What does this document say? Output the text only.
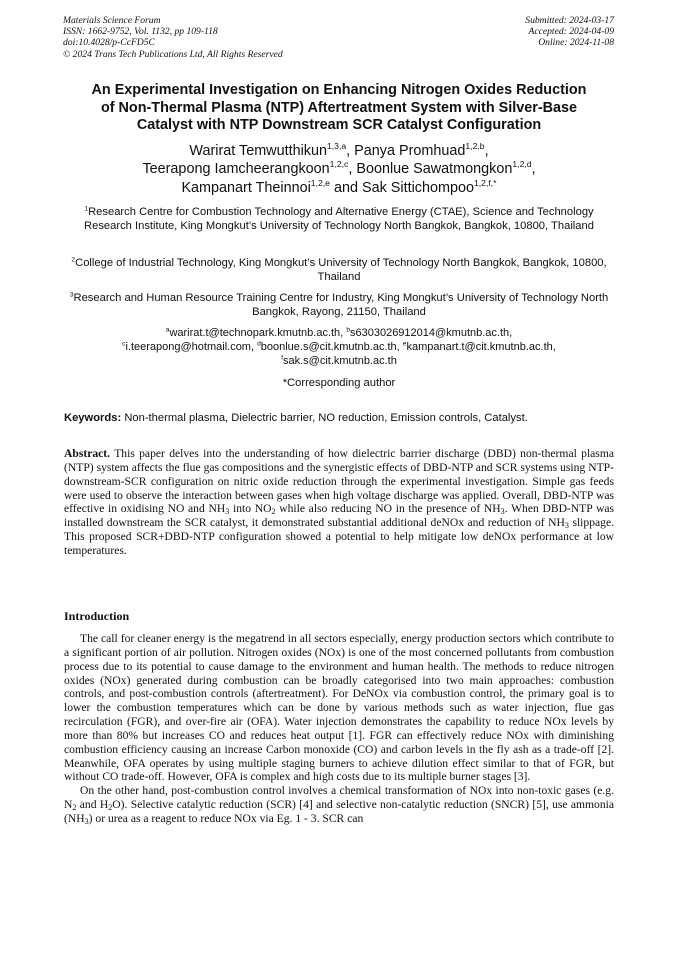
Materials Science Forum
ISSN: 1662-9752, Vol. 1132, pp 109-118
doi:10.4028/p-CcFD5C
© 2024 Trans Tech Publications Ltd, All Rights Reserved
Submitted: 2024-03-17
Accepted: 2024-04-09
Online: 2024-11-08
An Experimental Investigation on Enhancing Nitrogen Oxides Reduction
of Non-Thermal Plasma (NTP) Aftertreatment System with Silver-Base
Catalyst with NTP Downstream SCR Catalyst Configuration
Warirat Temwutthikun$^{1,3,a}$, Panya Promhuad$^{1,2,b}$,
Teerapong Iamcheerangkoon$^{1,2,c}$, Boonlue Sawatmongkon$^{1,2,d}$,
Kampanart Theinnoi$^{1,2,e}$ and Sak Sittichompoo$^{1,2,f,*}$
$^1$Research Centre for Combustion Technology and Alternative Energy (CTAE), Science and Technology Research Institute, King Mongkut’s University of Technology North Bangkok, Bangkok, 10800, Thailand
$^2$College of Industrial Technology, King Mongkut’s University of Technology North Bangkok, Bangkok, 10800, Thailand
$^3$Research and Human Resource Training Centre for Industry, King Mongkut’s University of Technology North Bangkok, Rayong, 21150, Thailand
$^a$warirat.t@technopark.kmutnb.ac.th, $^b$s6303026912014@kmutnb.ac.th,
$^c$i.teerapong@hotmail.com, $^d$boonlue.s@cit.kmutnb.ac.th, $^e$kampanart.t@cit.kmutnb.ac.th,
$^f$sak.s@cit.kmutnb.ac.th
*Corresponding author
Keywords: Non-thermal plasma, Dielectric barrier, NO reduction, Emission controls, Catalyst.
Abstract. This paper delves into the understanding of how dielectric barrier discharge (DBD) non-thermal plasma (NTP) system affects the flue gas compositions and the synergistic effects of DBD-NTP and SCR systems using NTP-downstream-SCR configuration on nitric oxide reduction through the experimental investigation. Simple gas feeds were used to observe the interaction between gases when high voltage discharge was applied. Overall, DBD-NTP was effective in oxidising NO and $NH_3$ into $NO_2$ while also reducing NO in the presence of $NH_3$. When DBD-NTP was installed downstream the SCR catalyst, it demonstrated substantial additional deNOx and reduction of $NH_3$ slippage. This proposed SCR+DBD-NTP configuration showed a potential to help mitigate low deNOx performance at low temperatures.
Introduction

The call for cleaner energy is the megatrend in all sectors especially, energy production sectors which contribute to a significant portion of air pollution. Nitrogen oxides (NOx) is one of the most concerned pollutants from combustion process due to its potential to cause damage to the environment and human health. The methods to reduce nitrogen oxides (NOx) generated during combustion can be broadly categorised into two main approaches: combustion controls, and post-combustion controls (aftertreatment). For DeNOx via combustion control, the primary goal is to lower the combustion temperatures which can be done by various methods such as water injection, flue gas recirculation (FGR), and over-fire air (OFA). Water injection demonstrates the capability to reduce NOx levels by more than 80% but increases CO and reduces heat output [1]. FGR can effectively reduce NOx with diminishing combustion efficiency causing an increase Carbon monoxide (CO) and carbon levels in the fly ash as a trade-off [2]. Meanwhile, OFA operates by using multiple staging burners to achieve dilution effect similar to that of FGR, but without CO trade-off. However, OFA is complex and high costs due to its multiple burner stages [3].

On the other hand, post-combustion control involves a chemical transformation of NOx into non-toxic gases (e.g. $N_2$ and $H_2O$). Selective catalytic reduction (SCR) [4] and selective non-catalytic reduction (SNCR) [5], use ammonia $(NH_3)$ or urea as a reagent to reduce NOx via Eg. 1 - 3. SCR can
